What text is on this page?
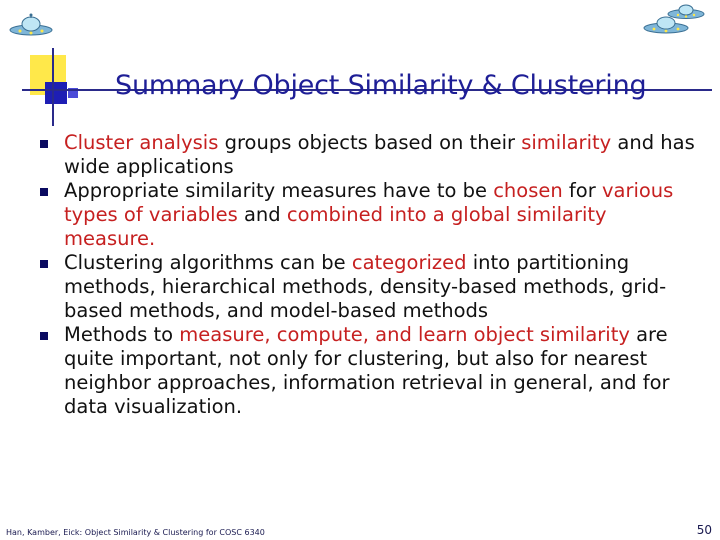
Summary Object Similarity & Clustering
Cluster analysis groups objects based on their similarity and has wide applications
Appropriate similarity measures have to be chosen for various types of variables and combined into a global similarity measure.
Clustering algorithms can be categorized into partitioning methods, hierarchical methods, density-based methods, grid-based methods, and model-based methods
Methods to measure, compute, and learn object similarity are quite important, not only for clustering, but also for nearest neighbor approaches, information retrieval in general, and for data visualization.
Han, Kamber, Eick: Object Similarity & Clustering for COSC 6340	50
